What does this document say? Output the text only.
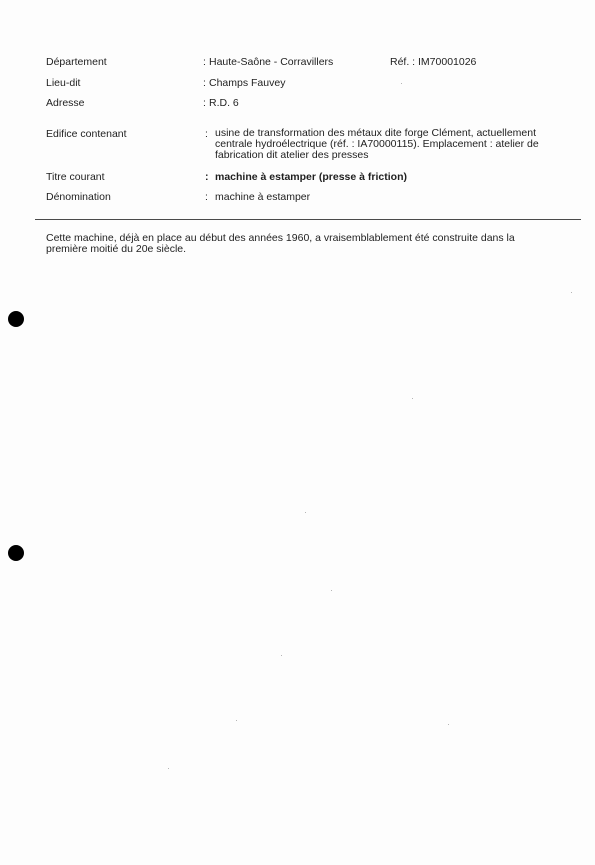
Département	: Haute-Saône - Corravillers	Réf. : IM70001026
Lieu-dit	: Champs Fauvey
Adresse	: R.D. 6
Edifice contenant	: usine de transformation des métaux dite forge Clément, actuellement centrale hydroélectrique (réf. : IA70000115). Emplacement : atelier de fabrication dit atelier des presses
Titre courant	: machine à estamper (presse à friction)
Dénomination	: machine à estamper
Cette machine, déjà en place au début des années 1960, a vraisemblablement été construite dans la première moitié du 20e siècle.
